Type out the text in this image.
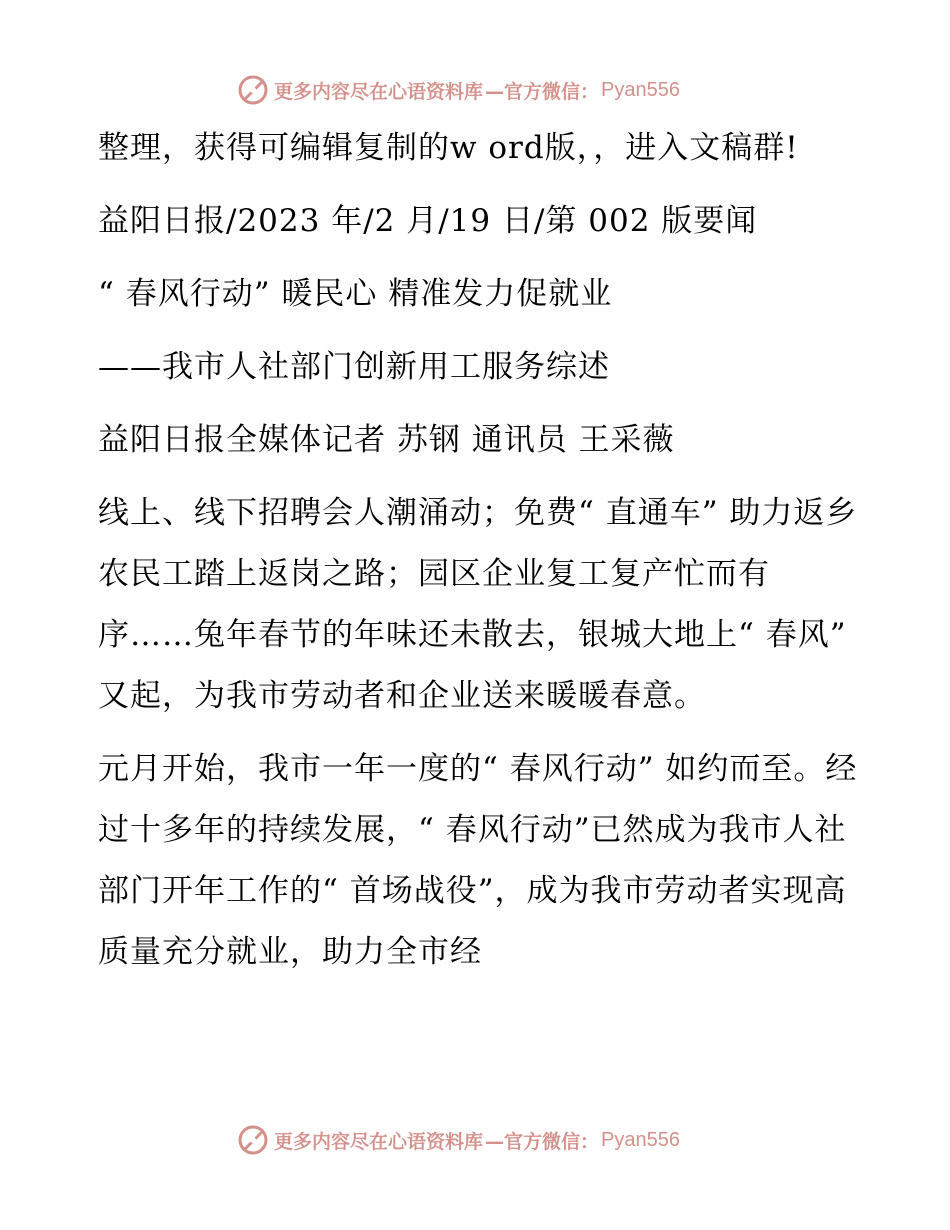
更多内容尽在心语资料库 —官方微信： Pyan556

整理，获得可编辑复制的w ord版，，进入文稿群!

益阳日报/2023 年/2 月/19 日/第 002 版要闻

“ 春风行动” 暖民心 精准发力促就业

——我市人社部门创新用工服务综述

益阳日报全媒体记者 苏钢 通讯员 王采薇

线上、线下招聘会人潮涌动；免费“ 直通车” 助力返乡农民工踏上返岗之路；园区企业复工复产忙而有序……兔年春节的年味还未散去，银城大地上“ 春风” 又起，为我市劳动者和企业送来暖暖春意。

元月开始，我市一年一度的“ 春风行动” 如约而至。经过十多年的持续发展，“ 春风行动”已然成为我市人社部门开年工作的“ 首场战役”，成为我市劳动者实现高质量充分就业，助力全市经

更多内容尽在心语资料库 —官方微信： Pyan556
